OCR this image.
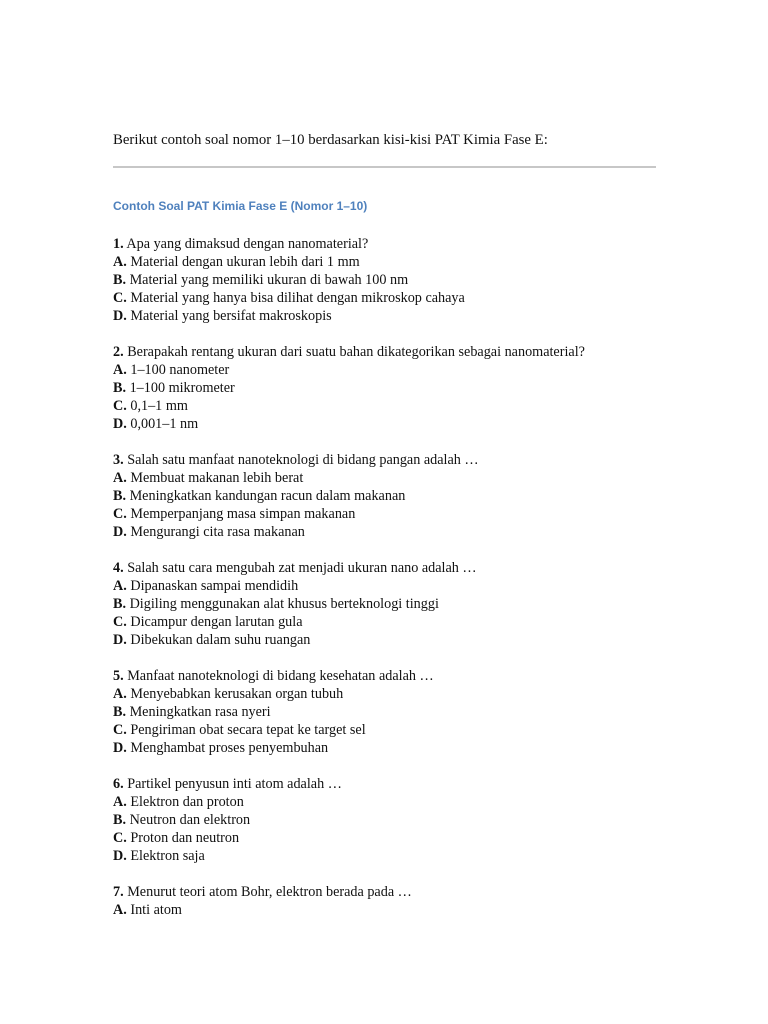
Berikut contoh soal nomor 1–10 berdasarkan kisi-kisi PAT Kimia Fase E:

Contoh Soal PAT Kimia Fase E (Nomor 1–10)
1. Apa yang dimaksud dengan nanomaterial?
A. Material dengan ukuran lebih dari 1 mm
B. Material yang memiliki ukuran di bawah 100 nm
C. Material yang hanya bisa dilihat dengan mikroskop cahaya
D. Material yang bersifat makroskopis
2. Berapakah rentang ukuran dari suatu bahan dikategorikan sebagai nanomaterial?
A. 1–100 nanometer
B. 1–100 mikrometer
C. 0,1–1 mm
D. 0,001–1 nm
3. Salah satu manfaat nanoteknologi di bidang pangan adalah …
A. Membuat makanan lebih berat
B. Meningkatkan kandungan racun dalam makanan
C. Memperpanjang masa simpan makanan
D. Mengurangi cita rasa makanan
4. Salah satu cara mengubah zat menjadi ukuran nano adalah …
A. Dipanaskan sampai mendidih
B. Digiling menggunakan alat khusus berteknologi tinggi
C. Dicampur dengan larutan gula
D. Dibekukan dalam suhu ruangan
5. Manfaat nanoteknologi di bidang kesehatan adalah …
A. Menyebabkan kerusakan organ tubuh
B. Meningkatkan rasa nyeri
C. Pengiriman obat secara tepat ke target sel
D. Menghambat proses penyembuhan
6. Partikel penyusun inti atom adalah …
A. Elektron dan proton
B. Neutron dan elektron
C. Proton dan neutron
D. Elektron saja
7. Menurut teori atom Bohr, elektron berada pada …
A. Inti atom
